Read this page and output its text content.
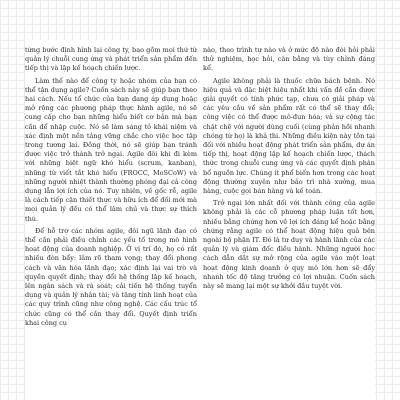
từng bước định hình lại công ty, bao gồm mọi thứ từ quản lý chuỗi cung ứng và phát triển sản phẩm đến tiếp thị và lập kế hoạch chiến lược.

Làm thế nào để công ty hoặc nhóm của bạn có thể tận dụng agile? Cuốn sách này sẽ giúp bạn theo hai cách. Nếu tổ chức của bạn đang áp dụng hoặc mở rộng các phương pháp thực hành agile, nó sẽ cung cấp cho bạn những hiểu biết cơ bản mà bạn cần để nhập cuộc. Nó sẽ làm sáng tỏ khái niệm và xác định một nền tảng vững chắc cho việc học tập trong tương lai. Đồng thời, nó sẽ giúp bạn tránh được việc trở thành trở ngại. Agile đôi khi đi kèm với những biệt ngữ khó hiểu (scrum, kanban), những từ viết tắt khó hiểu (FROCC, MoSCoW) và những người nhiệt thành thường phóng đại cả công dụng lẫn lợi ích của nó. Tuy nhiên, về gốc rễ, agile là cách tiếp cận thiết thực và hữu ích để đối mới mà mọi quản lý đều có thể làm chủ và thực sự thích thú.

Để hỗ trợ các nhóm agile, đôi ngũ lãnh đạo có thể cần phải điều chỉnh các yếu tố trong mô hình hoạt động của doanh nghiệp. Ở vị trí đó, họ có rất nhiều đòn bẩy: lâm rõ tham vọng; thay đổi phong cách và văn hóa lãnh đạo; xác định lại vai trò và quyền quyết định; thay đổi hệ thống lập kế hoạch, lên ngân sách và rà soát; cải tiến hệ thống tuyển dụng và quản lý nhân tài; và tăng tính linh hoạt của các quy trình cũng như công nghệ. Các cấu trúc tổ chức cũng có thể cần thay đổi. Quyết định triển khai công cụ

nào, theo trình tự nào và ở mức độ nào đòi hỏi phải thử nghiệm, học hỏi, cân bằng và tùy chỉnh đáng kể.

Agile không phải là thuốc chữa bách bệnh. Nó hiệu quả và đặc biệt hiệu nhất khi vấn đề cần được giải quyết có tính phức tạp, chưa có giải pháp và các yêu cầu về sản phẩm rất có thể sẽ thay đổi; công việc có thể được mô-đun hóa; và sự cộng tác chặt chẽ với người dùng cuối (cùng phản hồi nhanh chóng từ họ) là khả thi. Những điều kiện này tồn tại đối với nhiều hoạt động phát triển sản phẩm, dự án tiếp thị, hoạt động lập kế hoạch chiến lược, thách thức trong chuỗi cung ứng và các quyết định phân bổ nguồn lực. Chúng ít phổ biến hơn trong các hoạt động thường xuyên như bảo trì nhà xưởng, mua hàng, cuộc gọi bán hàng và kế toán.

Trở ngại lớn nhất đối với thành công của agile không phải là các cỗ phương pháp luận tốt hơn, nhiều bằng chứng hơn về lợi ích đáng kể hoặc bằng chứng rằng agile có thể hoạt động hiệu quả bên ngoài bộ phận IT. Đó là tư duy và hành lãnh của các quản lý và giám đốc điều hành. Những người học cách dẫn dắt sự mở rộng của agile vào một loạt hoạt động kinh doanh ở quy mô lớn hơn sẽ đẩy nhanh tốc độ tăng trưởng có lợi nhuận. Cuốn sách này sẽ mang lại một sự khởi đầu tuyệt vời.
